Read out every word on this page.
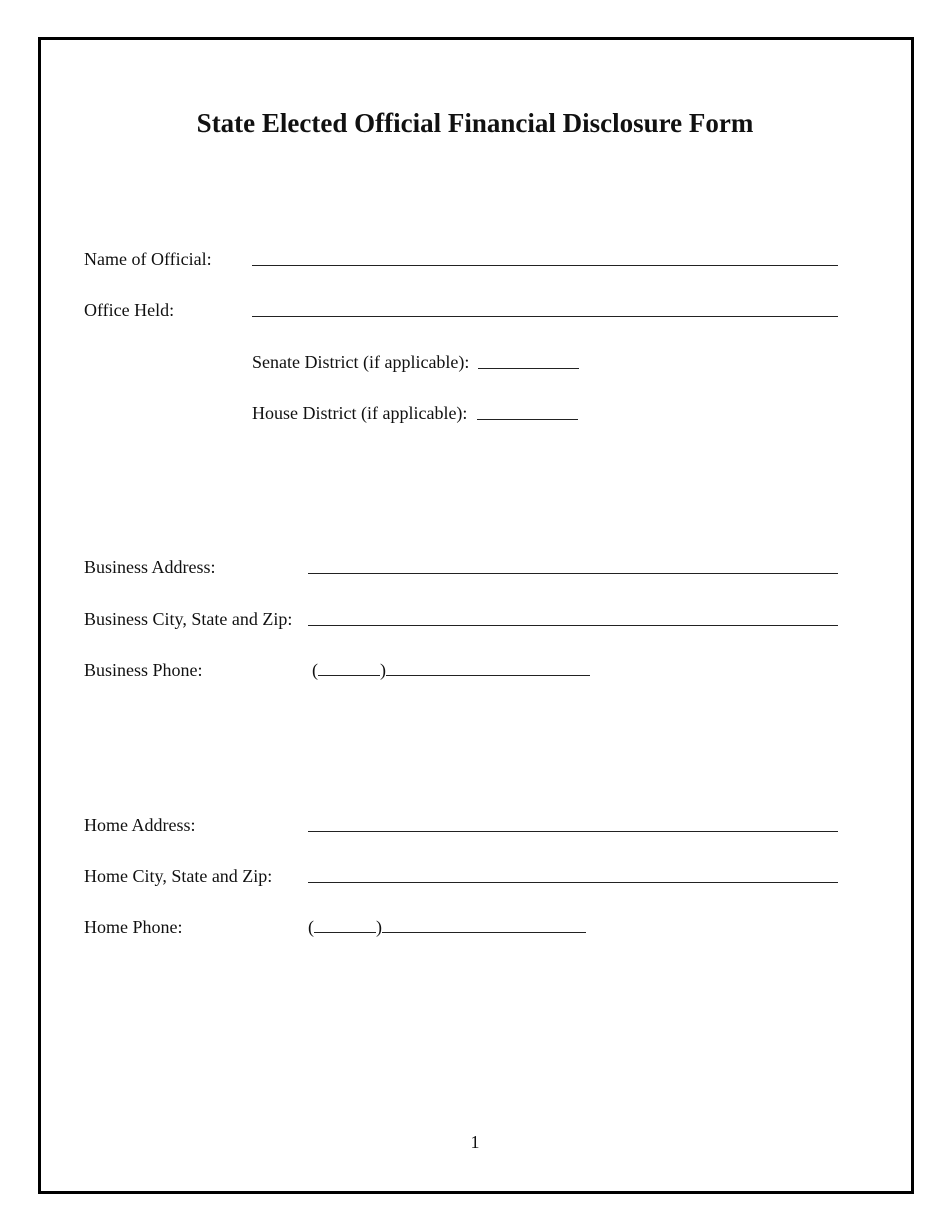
State Elected Official Financial Disclosure Form
Name of Official:
Office Held:
Senate District (if applicable):
House District (if applicable):
Business Address:
Business City, State and Zip:
Business Phone:	(	)
Home Address:
Home City, State and Zip:
Home Phone:	(	)
1
